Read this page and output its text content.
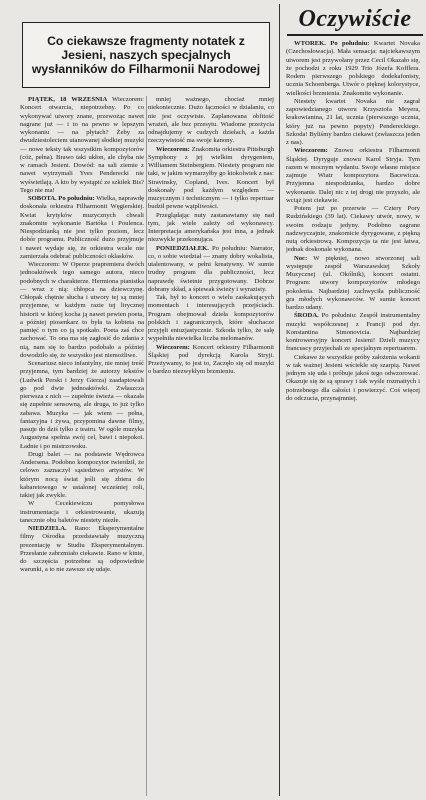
Co ciekawsze fragmenty notatek z Jesieni, naszych specjalnych wysłanników do Filharmonii Narodowej
Oczywiście

PIĄTEK, 18 WRZEŚNIA Wieczorem: Koncert otwarcia, niepotrzebny. Po co wykonywać utwory znane, przewożąc nawet nagrane już — i to na pewno w lepszym wykonaniu — na płytach? Żeby za dwudziestoleciem utanowanej słodkiej muzyki — nowe teksty tak wszystkim kompozytorów (cóż, pełna). Brawo taki ukłon, ale chyba nie w ramach Jesieni. Dowód: na sali ziemie z nawet wytrzymali Yves Penderecki nie wyświetlają. A kto by wystąpić ze szkiłek Bis? Tego nie ma!

SOBOTA. Po południu: Wielka, naprawdę doskonała orkiestra Filharmonii Węgierskiej. Kwiat krytyków muzycznych chwali znakomite wykonanie Bartóka i Poulenca. Niespodzianką nie jest tylko poziom, lecz dobór programu. Publiczność dużo przyjmuje i nawet wydaje się, że orkiestra wcale nie zamierzała odebrać publiczności oklasków.

Wieczorem: W Operze prapremiera dwóch jednoaktówek tego samego autora, nieco podobnych w charakterze. Hermiona pianistka — wraz z nią: chłopca na dziewczynę. Chłopak chętnie słucha i utwory tej są mniej przyjemne, w każdym razie tej lirycznej historii w której kocha ją nawet pewien poeta, a później piosenkarz to była ta kobieta na pamięć o tym co ją spotkało. Poeta zaś chce zachować. To ona ma się zagłosić do zdania z nią, nam się to bardzo podobało a później dowodziło się, że wszystko jest niemożliwe.

Scenariusz nieco infantylny, nie mniej treść przyjemna, tym bardziej że autorzy tekstów (Ludwik Perski i Jerzy Gierza) zaadaptowali go pod dwie jednoaktówki. Zwłaszcza pierwsza z nich — zupełnie świeża — okazała się zupełnie sensowną, ale druga, to już tylko zabawa. Muzyka — jak wiem — pełna, fantazyjna i żywa, przypomina dawne filmy, pasuje do dziś tylko z teatru. W ogóle muzyka Augustyna spełnia swój cel, bawi i niepokoi. Ładnie i po mistrzowsku.

Drugi balet — na podstawie Wędrowca Andersena. Podobno kompozytor twierdził, że celowo zaznaczył sąsiedztwo artystów. W którym nocą świat jeśli się zbiera do kabaretowego w ustalonej wcześniej roli, takiej jak zwykle.

W Cecekiewiczu pomysłowa instrumentacja i orkiestrowanie, ukazują tanecznie obu baletów niestety niezłe.

NIEDZIELA. Rano: Eksperymentalne filmy Ośrodka przedstawiały muzyczną prezentację w Studiu Eksperymentalnym. Przesłanie zabrzmiało ciekawie. Rano w kinie, do szczęścia potrzebne są odpowiednie warunki, a to nie zawsze się udaje.

mniej ważnego, chociaż mniej niekoniecznie. Dużo łączności w działaniu, co nie jest oczywiste. Zaplanowana obfitość wrażeń, ale bez przesytu. Wiadome przeżycia odnajdujemy w cudzych dziełach, a każda rzeczywistość ma swoje kanony.

Wieczorem: Znakomita orkiestra Pittsburgh Symphony z jej wielkim dyrygentem, Williamem Steinbergiem. Niestety program nie taki, w jakim wymarzyłby go ktokolwiek z nas: Stravinsky, Copland, Ives. Koncert był doskonały pod każdym względem — muzycznym i technicznym — i tylko repertuar budził pewne wątpliwości.

Przeglądając nuty zastanawiamy się nad tym, jak wiele zależy od wykonawcy. Interpretacja amerykańska jest inna, a jednak niezwykle przekonująca.

PONIEDZIAŁEK. Po południu: Narrator, co, o sobie wiedział — znany dobry wokalista, utalentowany, w pełni kreatywny. W sumie trudny program dla publiczności, lecz naprawdę świetnie przygotowany. Dobrze dobrany skład, a śpiewak świeży i wyrazisty.

Tak, był to koncert o wielu zaskakujących momentach i interesujących przejściach. Program obejmował dzieła kompozytorów polskich i zagranicznych, które słuchacze przyjęli entuzjastycznie. Szkoda tylko, że salę wypełniła niewielka liczba melomanów.

Wieczorem: Koncert orkiestry Filharmonii Śląskiej pod dyrekcją Karola Stryji. Przeżywamy, to jest to, Zaczęło się od muzyki o bardzo niezwykłym brzmieniu.

WTOREK. Po południu: Kwartet Novaka (Czechosłowacja). Mała sensacja: najciekawszym utworem jest przywołany przez Cecil Okazało się, że pochodzi z roku 1929 Trio Józefa Kofflera. Rodem pierwszego polskiego dodekafonisty, ucznia Schoenberga. Utwór o pięknej kolorystyce, wielkości brzmienia. Znakomite wykonanie.

Niestety kwartet Novaka nie zagrał zapowiedzianego utworu Krzysztofa Meyera, krakowianina, 21 lat, ucznia (pierwszego ucznia, który już na pewno popyty) Pendereckiego. Szkoda! Byliśmy bardzo ciekawi (zwłaszcza jeden z nas).

Wieczorem: Znowu orkiestra Filharmonii Śląskiej. Dyryguje znowu Karol Stryja. Tym razem w mocnym wydaniu. Swoje własne miejsce zajmuje Wiatr kompozytora Bacewicza. Przyjemna niespodzianka, bardzo dobre wykonanie. Dalej nic z tej drogi nie przyszło, ale wciąż jest ciekawie.

Potem już po przerwie — Cztery Pory Rudzińskiego (39 lat). Ciekawy utwór, nowy, w swoim rodzaju jedyny. Podobno zagrane nadzwyczajnie, znakomicie dyrygowane, z piękną nutą orkiestrową. Kompozycja ta nie jest łatwa, jednak doskonale wykonana.

Noc: W piękniej, nowo stworzonej sali występuje zespół Warszawskiej Szkoły Muzycznej (ul. Okólnik), koncert ostatni. Program: utwory kompozytorów młodego pokolenia. Najbardziej zachwyciła publiczność gra młodych wykonawców. W sumie koncert bardzo udany.

ŚRODA. Po południu: Zespół instrumentalny muzyki współczesnej z Francji pod dyr. Konstantina Simonovicia. Najbardziej kontrowersyjny koncert Jesieni! Dzieli muzycy francuscy przyjechali ze specjalnym repertuarem.

Ciekawe że wszystkie próby założenia wokanii w tak ważnej Jesieni wściekle się szarpią. Nawet jednym się uda i próbuje jakoś tego odwzorować. Okazuje się że są sprawy i tak wyśle rozmaitych i potrzebnego dla całości i powierzyć. Coś więcej do odczucia, przynajmniej.
